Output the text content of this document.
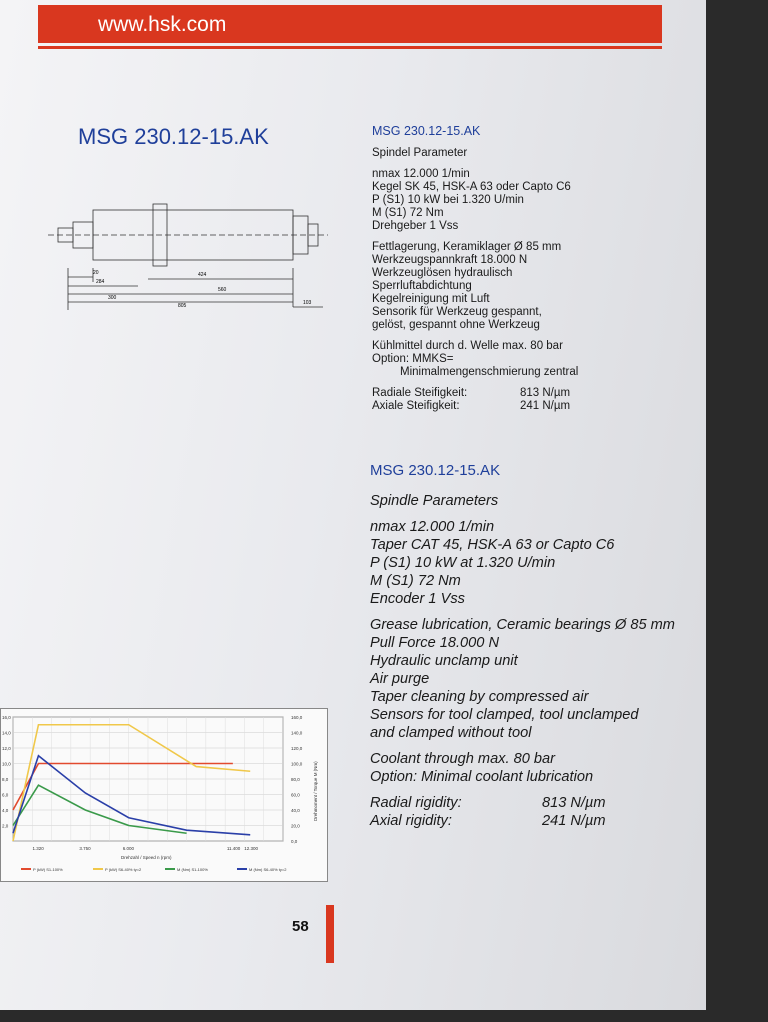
www.hsk.com
MSG 230.12-15.AK
20
284
300
424
560
805	103
MSG 230.12-15.AK
Spindel Parameter
nmax 12.000 1/min
Kegel SK 45, HSK-A 63 oder Capto C6
P (S1) 10 kW bei 1.320 U/min
M (S1) 72 Nm
Drehgeber 1 Vss
Fettlagerung, Keramiklager Ø 85 mm
Werkzeugspannkraft 18.000 N
Werkzeuglösen hydraulisch
Sperrluftabdichtung
Kegelreinigung mit Luft
Sensorik für Werkzeug gespannt,
gelöst, gespannt ohne Werkzeug
Kühlmittel durch d. Welle max. 80 bar
Option: MMKS=
Minimalmengenschmierung zentral
Radiale Steifigkeit:	813 N/µm
Axiale Steifigkeit:	241 N/µm
MSG 230.12-15.AK
Spindle Parameters
nmax 12.000 1/min
Taper CAT 45, HSK-A 63 or Capto C6
P (S1) 10 kW at 1.320 U/min
M (S1) 72 Nm
Encoder 1 Vss
Grease lubrication, Ceramic bearings Ø 85 mm
Pull Force 18.000 N
Hydraulic unclamp unit
Air purge
Taper cleaning by compressed air
Sensors for tool clamped, tool unclamped
and clamped without tool
Coolant through max. 80 bar
Option: Minimal coolant lubrication
Radial rigidity:	813 N/µm
Axial rigidity:	241 N/µm
16,0
14,0
12,0
10,0
8,0
6,0
4,0
2,0
160,0
140,0
120,0
100,0
80,0
60,0
40,0
20,0
0,0
1.320	3.750	6.000	11.400 12.300
Drehzahl / Speed n (rpm)
Drehmoment / Torque M (Nm)
P (kW) S1-100%	P (kW) S6-40% ty=2	M (Nm) S1-100%	M (Nm) S6-40% ty=2
58
